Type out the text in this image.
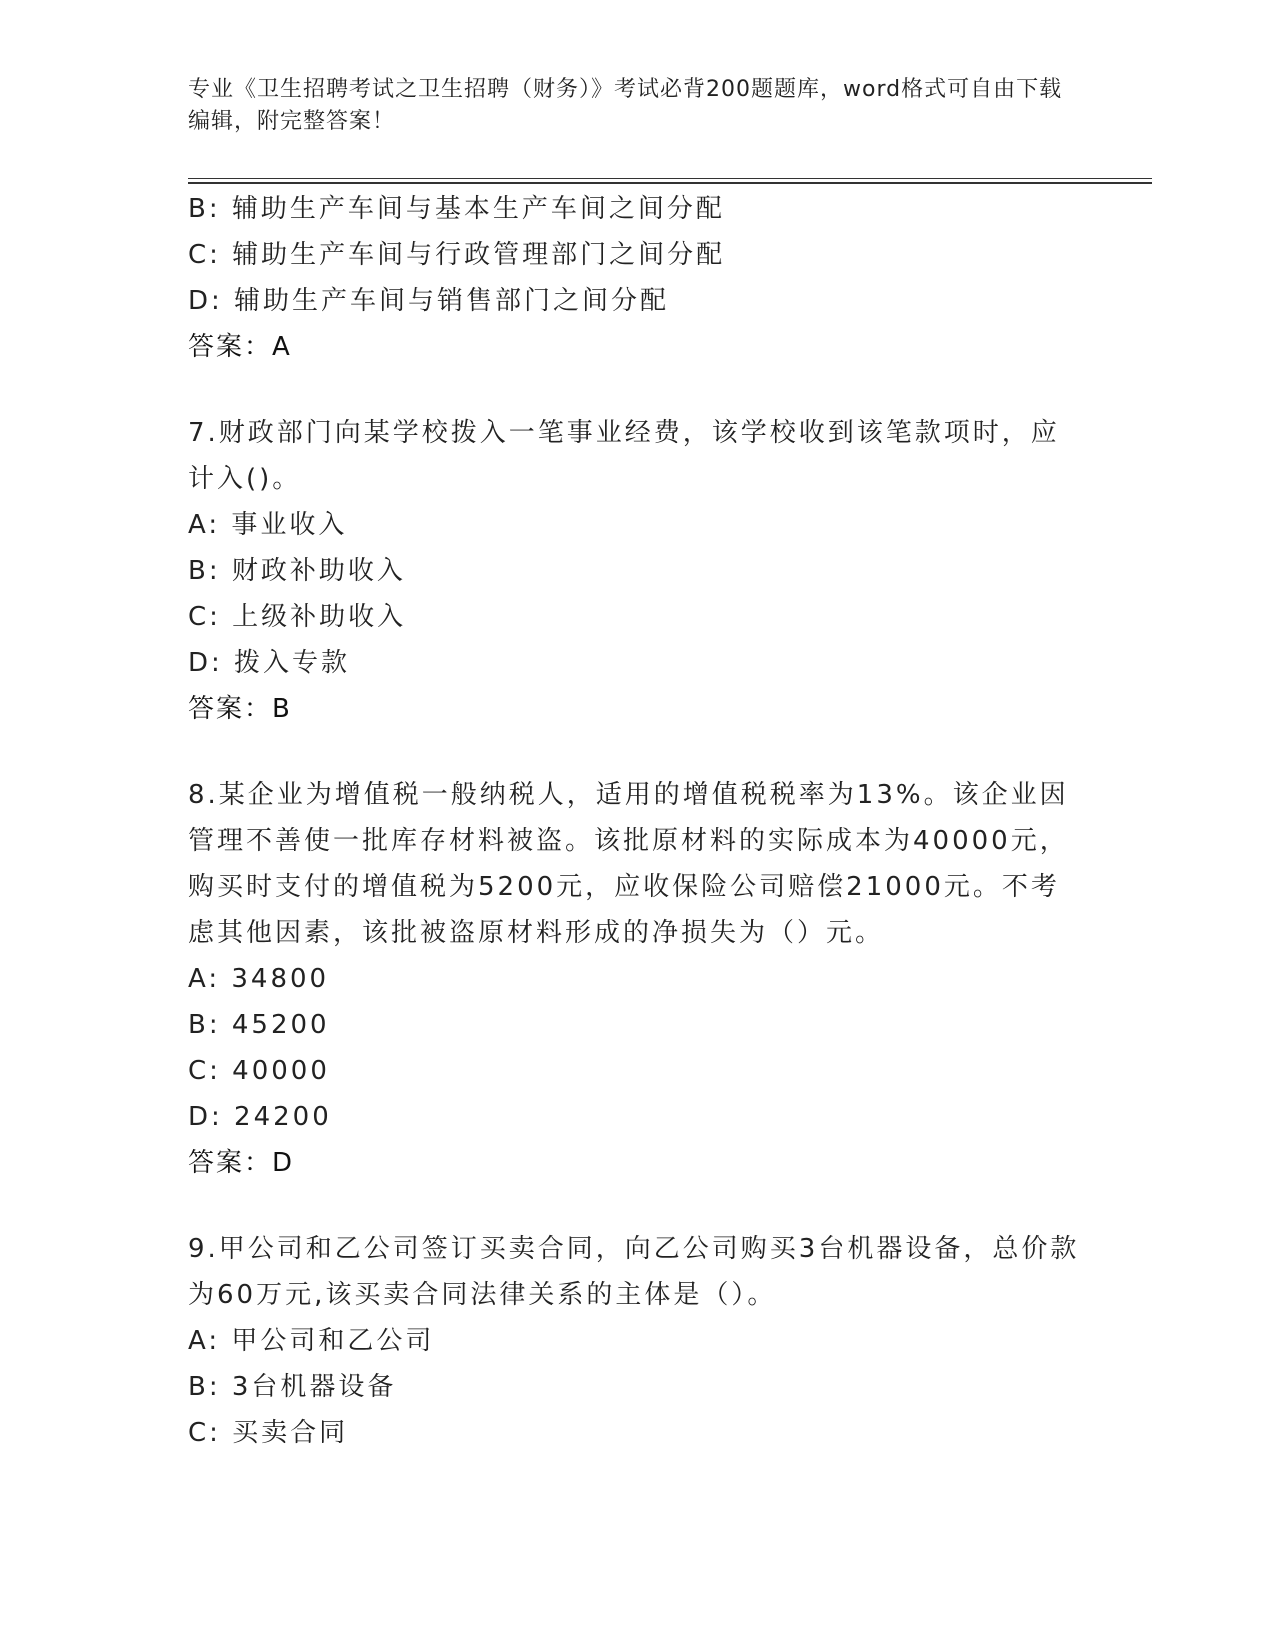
专业《卫生招聘考试之卫生招聘（财务）》考试必背200题题库，word格式可自由下载编辑，附完整答案！
B: 辅助生产车间与基本生产车间之间分配
C: 辅助生产车间与行政管理部门之间分配
D: 辅助生产车间与销售部门之间分配
答案：A
7.财政部门向某学校拨入一笔事业经费，该学校收到该笔款项时，应计入()。
A: 事业收入
B: 财政补助收入
C: 上级补助收入
D: 拨入专款
答案：B
8.某企业为增值税一般纳税人，适用的增值税税率为13%。该企业因管理不善使一批库存材料被盗。该批原材料的实际成本为40000元，购买时支付的增值税为5200元，应收保险公司赔偿21000元。不考虑其他因素，该批被盗原材料形成的净损失为（）元。
A: 34800
B: 45200
C: 40000
D: 24200
答案：D
9.甲公司和乙公司签订买卖合同，向乙公司购买3台机器设备，总价款为60万元,该买卖合同法律关系的主体是（）。
A: 甲公司和乙公司
B: 3台机器设备
C: 买卖合同
